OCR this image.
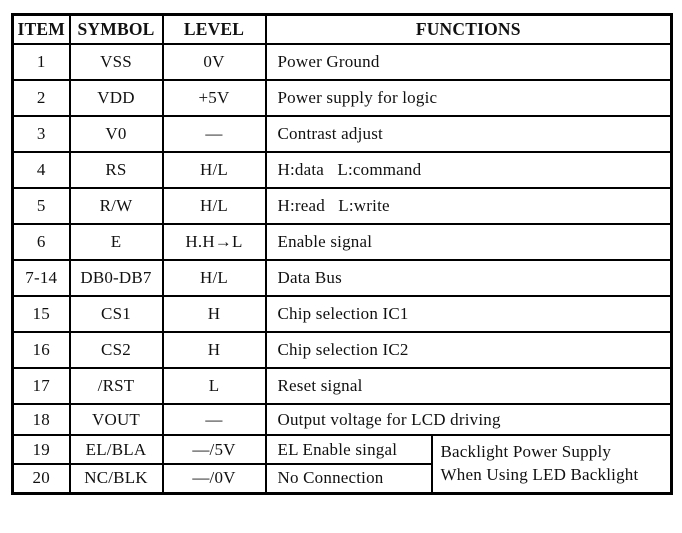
ITEM	SYMBOL	LEVEL	FUNCTIONS	
1	VSS	0V	Power Ground	
2	VDD	+5V	Power supply for logic	
3	V0	—	Contrast adjust	
4	RS	H/L	H:data   L:command	
5	R/W	H/L	H:read   L:write	
6	E	H.H→L	Enable signal	
7-14	DB0-DB7	H/L	Data Bus	
15	CS1	H	Chip selection IC1	
16	CS2	H	Chip selection IC2	
17	/RST	L	Reset signal	
18	VOUT	—	Output voltage for LCD driving	
19	EL/BLA	—/5V	EL Enable singal	Backlight Power Supply
When Using LED Backlight

20	NC/BLK	—/0V	No Connection	
